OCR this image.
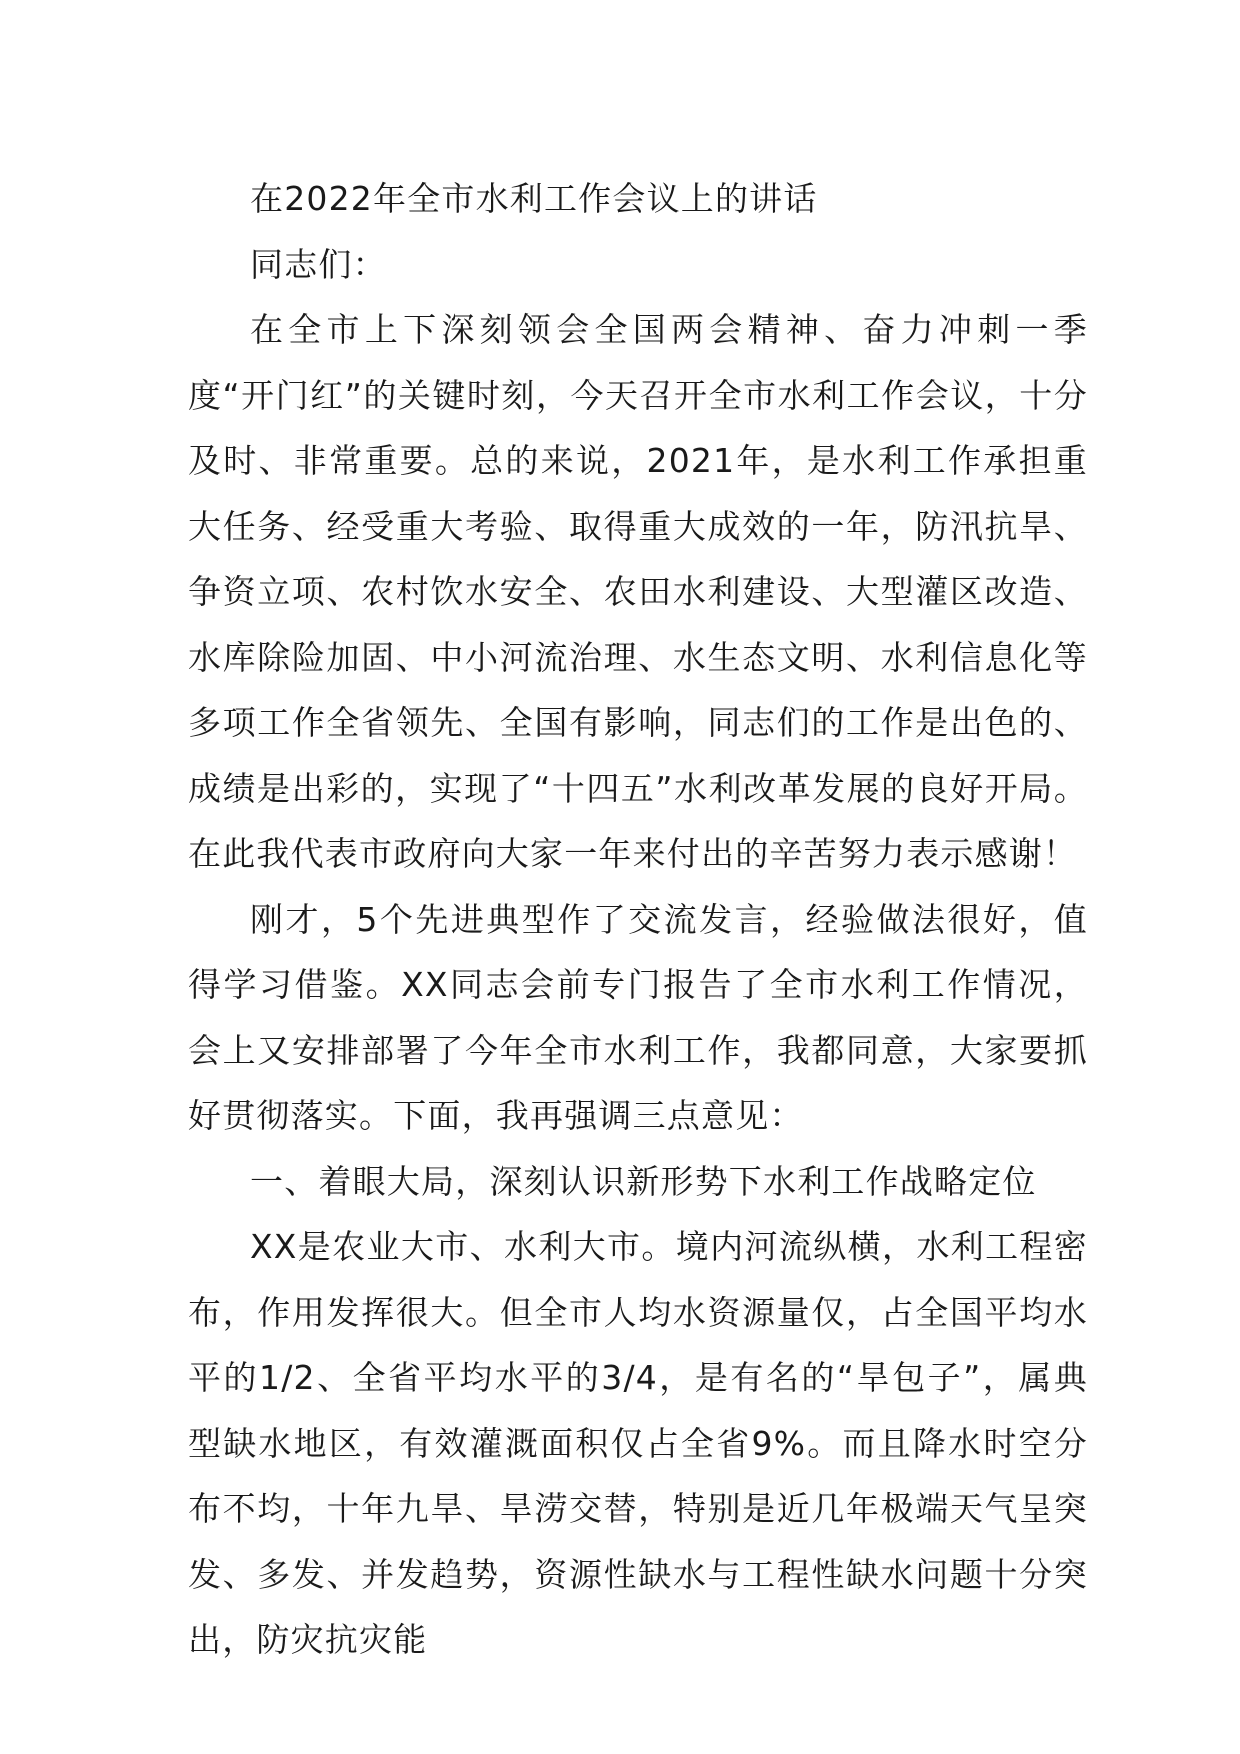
在2022年全市水利工作会议上的讲话

同志们：

在全市上下深刻领会全国两会精神、奋力冲刺一季度“开门红”的关键时刻，今天召开全市水利工作会议，十分及时、非常重要。总的来说，2021年，是水利工作承担重大任务、经受重大考验、取得重大成效的一年，防汛抗旱、争资立项、农村饮水安全、农田水利建设、大型灌区改造、水库除险加固、中小河流治理、水生态文明、水利信息化等多项工作全省领先、全国有影响，同志们的工作是出色的、成绩是出彩的，实现了“十四五”水利改革发展的良好开局。在此我代表市政府向大家一年来付出的辛苦努力表示感谢！

刚才，5个先进典型作了交流发言，经验做法很好，值得学习借鉴。XX同志会前专门报告了全市水利工作情况，会上又安排部署了今年全市水利工作，我都同意，大家要抓好贯彻落实。下面，我再强调三点意见：

一、着眼大局，深刻认识新形势下水利工作战略定位

XX是农业大市、水利大市。境内河流纵横，水利工程密布，作用发挥很大。但全市人均水资源量仅，占全国平均水平的1/2、全省平均水平的3/4，是有名的“旱包子”，属典型缺水地区，有效灌溉面积仅占全省9%。而且降水时空分布不均，十年九旱、旱涝交替，特别是近几年极端天气呈突发、多发、并发趋势，资源性缺水与工程性缺水问题十分突出，防灾抗灾能
